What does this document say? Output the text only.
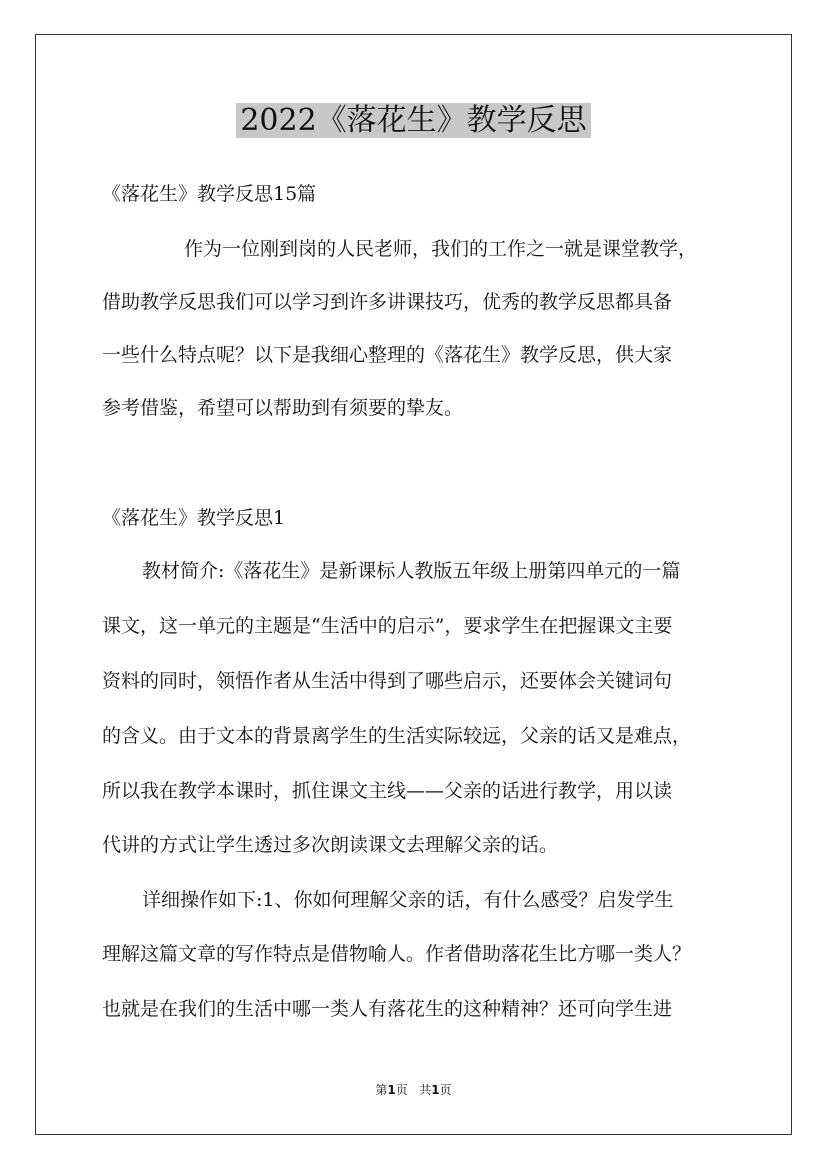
2022《落花生》教学反思

《落花生》教学反思15篇

作为一位刚到岗的人民老师，我们的工作之一就是课堂教学，

借助教学反思我们可以学习到许多讲课技巧，优秀的教学反思都具备

一些什么特点呢？以下是我细心整理的《落花生》教学反思，供大家

参考借鉴，希望可以帮助到有须要的挚友。

《落花生》教学反思1

教材简介:《落花生》是新课标人教版五年级上册第四单元的一篇

课文，这一单元的主题是“生活中的启示”，要求学生在把握课文主要

资料的同时，领悟作者从生活中得到了哪些启示，还要体会关键词句

的含义。由于文本的背景离学生的生活实际较远，父亲的话又是难点，

所以我在教学本课时，抓住课文主线——父亲的话进行教学，用以读

代讲的方式让学生透过多次朗读课文去理解父亲的话。

详细操作如下:1、你如何理解父亲的话，有什么感受？启发学生

理解这篇文章的写作特点是借物喻人。作者借助落花生比方哪一类人？

也就是在我们的生活中哪一类人有落花生的这种精神？还可向学生进

第1页 共1页
